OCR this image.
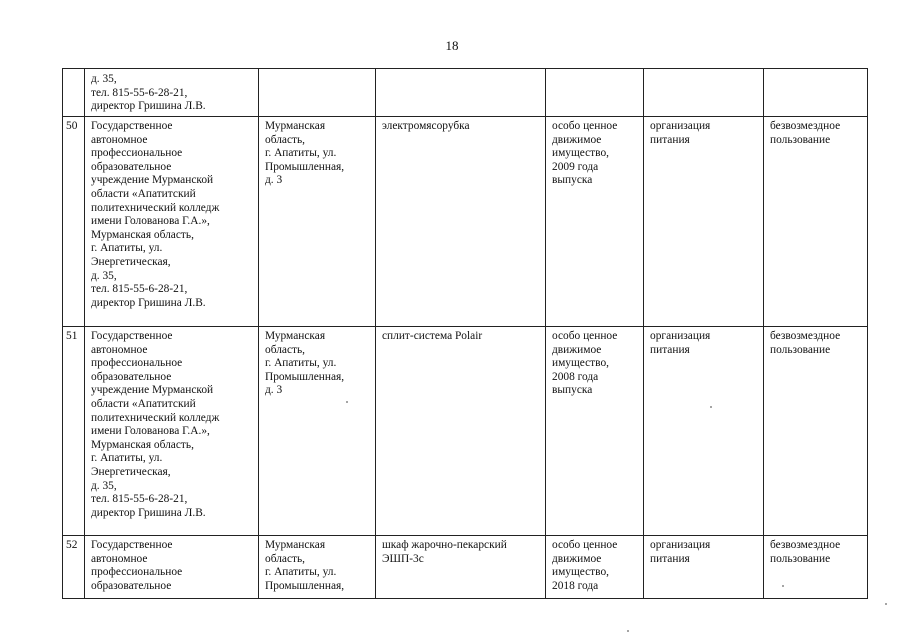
18
д. 35,
тел. 815-55-6-28-21,
директор Гришина Л.В.
50 Государственное
автономное
профессиональное
образовательное
учреждение Мурманской
области «Апатитский
политехнический колледж
имени Голованова Г.А.»,
Мурманская область,
г. Апатиты, ул.
Энергетическая,
д. 35,
тел. 815-55-6-28-21,
директор Гришина Л.В.
Мурманская
область,
г. Апатиты, ул.
Промышленная,
д. 3
электромясорубка	особо ценное
движимое
имущество,
2009 года
выпуска
организация
питания
безвозмездное
пользование
51 Государственное
автономное
профессиональное
образовательное
учреждение Мурманской
области «Апатитский
политехнический колледж
имени Голованова Г.А.»,
Мурманская область,
г. Апатиты, ул.
Энергетическая,
д. 35,
тел. 815-55-6-28-21,
директор Гришина Л.В.
Мурманская
область,
г. Апатиты, ул.
Промышленная,
д. 3
сплит-система Polair	особо ценное
движимое
имущество,
2008 года
выпуска
организация
питания
безвозмездное
пользование
52 Государственное
автономное
профессиональное
образовательное
Мурманская
область,
г. Апатиты, ул.
Промышленная,
шкаф жарочно-пекарский
ЭШП-3с
особо ценное
движимое
имущество,
2018 года
организация
питания
безвозмездное
пользование
